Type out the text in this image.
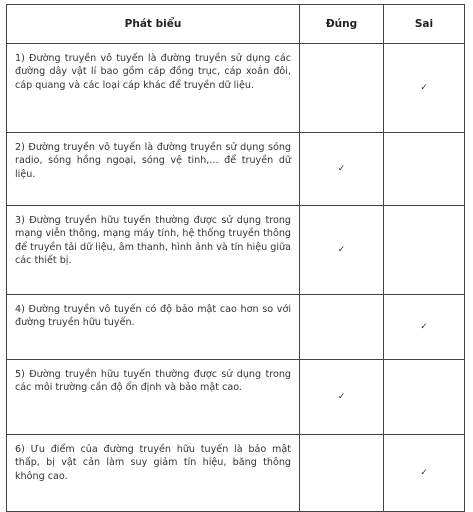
Phát biểu	Đúng	Sai
1) Đường truyền vô tuyến là đường truyền sử dụng các đường dây vật lí bao gồm cáp đồng trục, cáp xoắn đôi, cáp quang và các loại cáp khác để truyền dữ liệu.		✓
2) Đường truyền vô tuyến là đường truyền sử dụng sóng radio, sóng hồng ngoại, sóng vệ tinh,... để truyền dữ liệu.	✓	
3) Đường truyền hữu tuyến thường được sử dụng trong mạng viễn thông, mạng máy tính, hệ thống truyền thông để truyền tải dữ liệu, âm thanh, hình ảnh và tín hiệu giữa các thiết bị.	✓	
4) Đường truyền vô tuyến có độ bảo mật cao hơn so với đường truyền hữu tuyến.		✓
5) Đường truyền hữu tuyến thường được sử dụng trong các môi trường cần độ ổn định và bảo mật cao.	✓	
6) Ưu điểm của đường truyền hữu tuyến là bảo mật thấp, bị vật cản làm suy giảm tín hiệu, băng thông không cao.		✓
